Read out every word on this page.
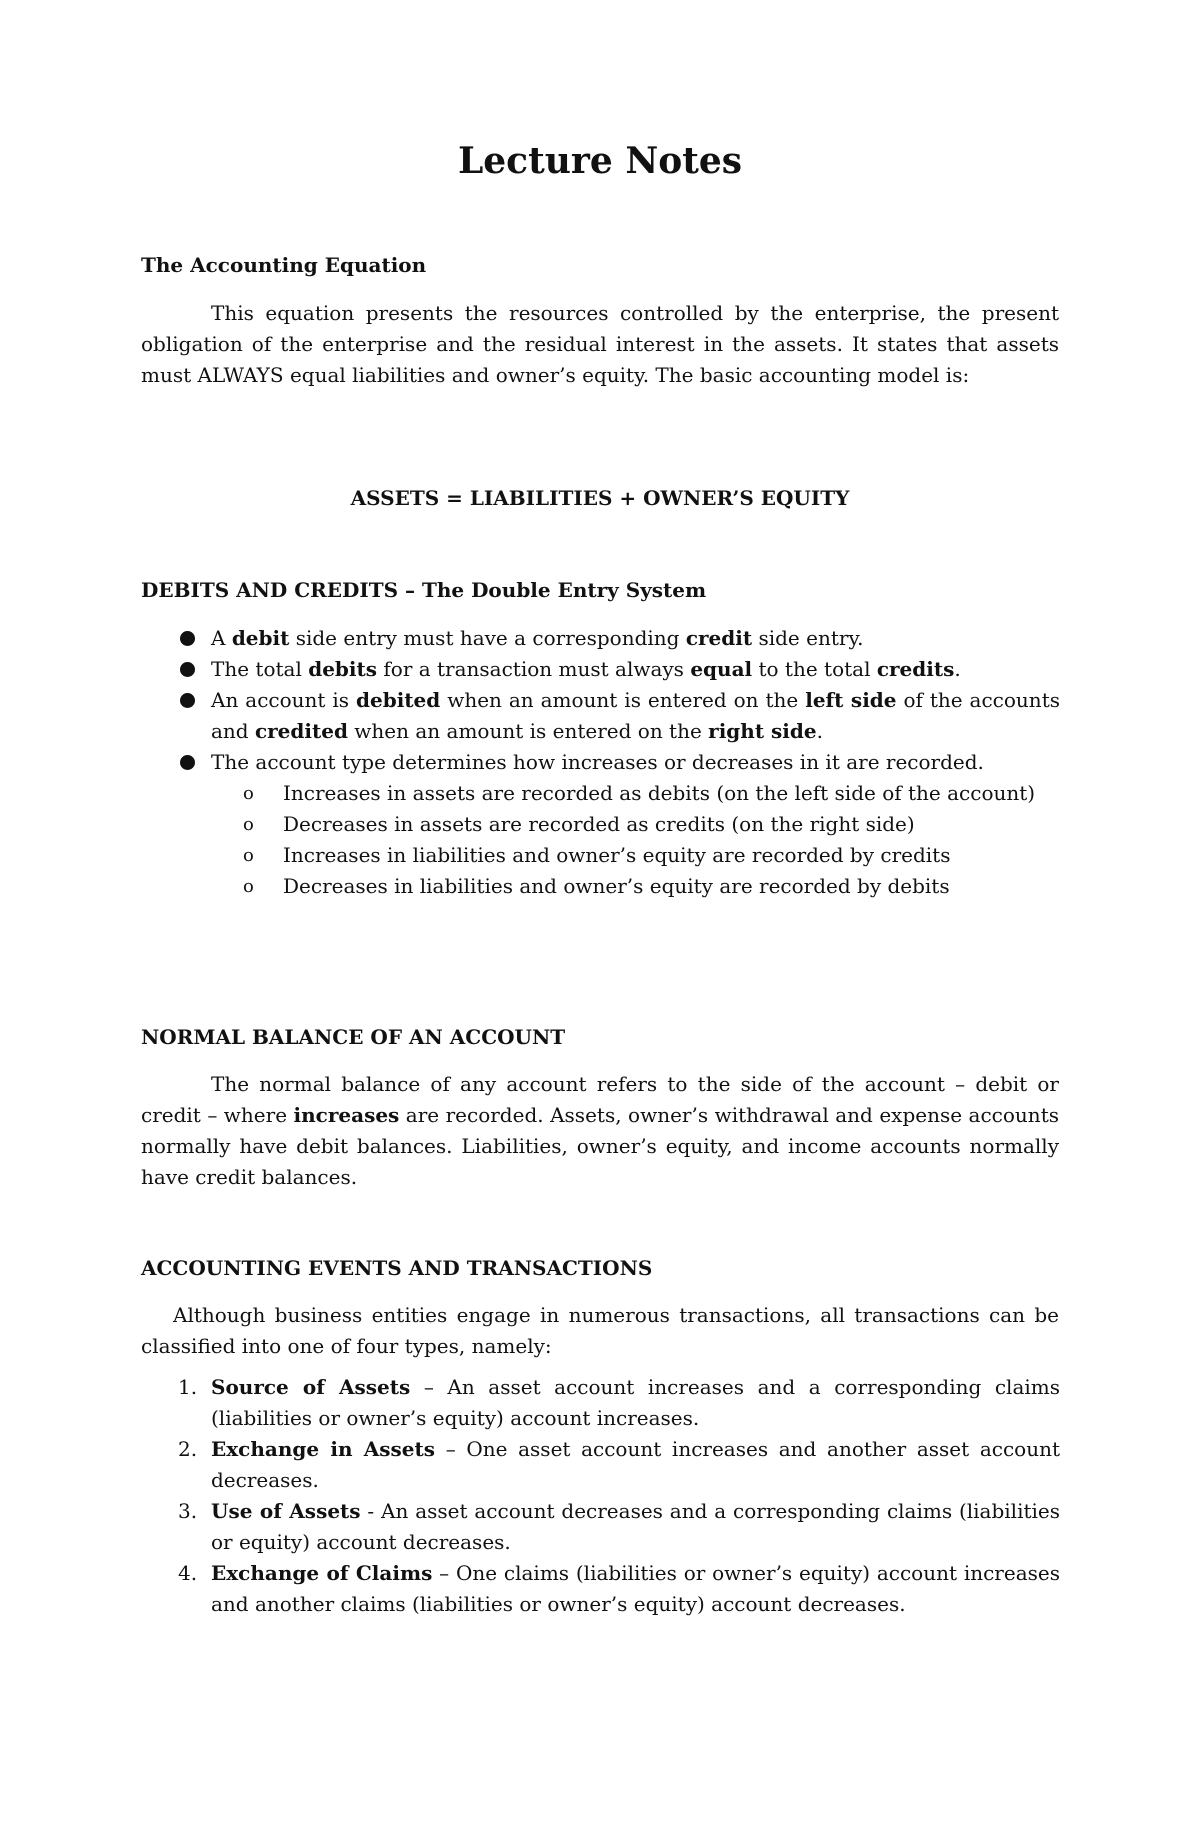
Lecture Notes
The Accounting Equation

This equation presents the resources controlled by the enterprise, the present obligation of the enterprise and the residual interest in the assets. It states that assets must ALWAYS equal liabilities and owner’s equity. The basic accounting model is:

ASSETS = LIABILITIES + OWNER’S EQUITY

DEBITS AND CREDITS – The Double Entry System
A debit side entry must have a corresponding credit side entry.
The total debits for a transaction must always equal to the total credits.
An account is debited when an amount is entered on the left side of the accounts and credited when an amount is entered on the right side.
The account type determines how increases or decreases in it are recorded.
o Increases in assets are recorded as debits (on the left side of the account)
o Decreases in assets are recorded as credits (on the right side)
o Increases in liabilities and owner’s equity are recorded by credits
o Decreases in liabilities and owner’s equity are recorded by debits
NORMAL BALANCE OF AN ACCOUNT

The normal balance of any account refers to the side of the account – debit or credit – where increases are recorded. Assets, owner’s withdrawal and expense accounts normally have debit balances. Liabilities, owner’s equity, and income accounts normally have credit balances.

ACCOUNTING EVENTS AND TRANSACTIONS

Although business entities engage in numerous transactions, all transactions can be classified into one of four types, namely:

1. Source of Assets – An asset account increases and a corresponding claims (liabilities or owner’s equity) account increases.
2. Exchange in Assets – One asset account increases and another asset account decreases.
3. Use of Assets - An asset account decreases and a corresponding claims (liabilities or equity) account decreases.
4. Exchange of Claims – One claims (liabilities or owner’s equity) account increases and another claims (liabilities or owner’s equity) account decreases.
